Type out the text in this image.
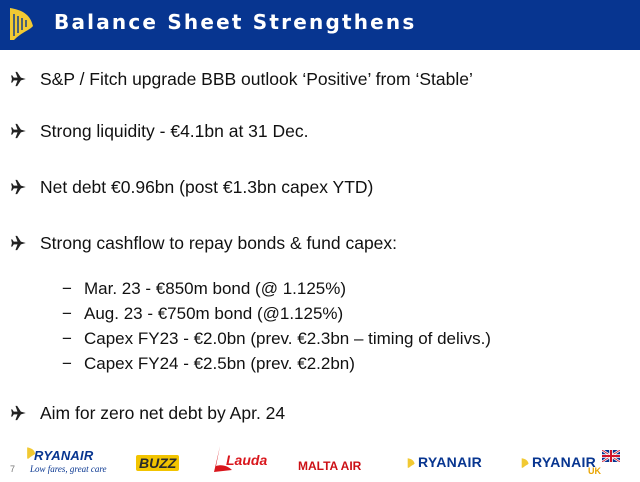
Balance Sheet Strengthens
S&P / Fitch upgrade BBB outlook ‘Positive’ from ‘Stable’
Strong liquidity - €4.1bn at 31 Dec.
Net debt €0.96bn (post €1.3bn capex YTD)
Strong cashflow to repay bonds & fund capex:
− Mar. 23 - €850m bond (@ 1.125%)
− Aug. 23 - €750m bond (@1.125%)
− Capex FY23 - €2.0bn (prev. €2.3bn – timing of delivs.)
− Capex FY24 - €2.5bn (prev. €2.2bn)
Aim for zero net debt by Apr. 24
7
RYANAIR
Low fares, great care BUZZ	Lauda	MALTA AIR	RYANAIR	RYANAIR
UK
